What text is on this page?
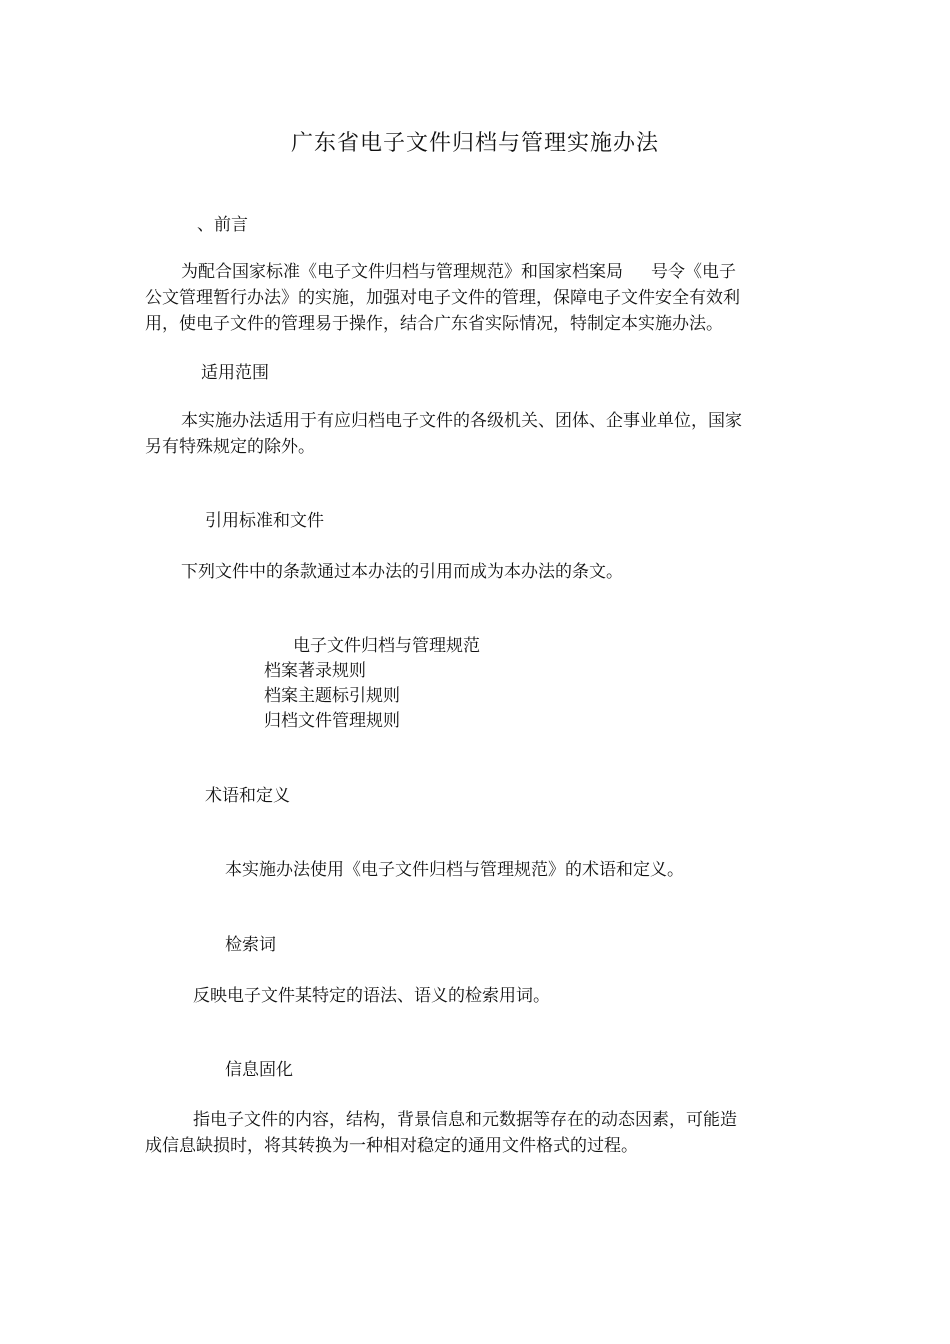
广东省电子文件归档与管理实施办法
、前言
为配合国家标准《电子文件归档与管理规范》和国家档案局 号令《电子
公文管理暂行办法》的实施，加强对电子文件的管理，保障电子文件安全有效利
用，使电子文件的管理易于操作，结合广东省实际情况，特制定本实施办法。
适用范围
本实施办法适用于有应归档电子文件的各级机关、团体、企事业单位，国家
另有特殊规定的除外。
引用标准和文件
下列文件中的条款通过本办法的引用而成为本办法的条文。
电子文件归档与管理规范
档案著录规则
档案主题标引规则
归档文件管理规则
术语和定义
本实施办法使用《电子文件归档与管理规范》的术语和定义。
检索词
反映电子文件某特定的语法、语义的检索用词。
信息固化
指电子文件的内容，结构，背景信息和元数据等存在的动态因素，可能造
成信息缺损时，将其转换为一种相对稳定的通用文件格式的过程。
